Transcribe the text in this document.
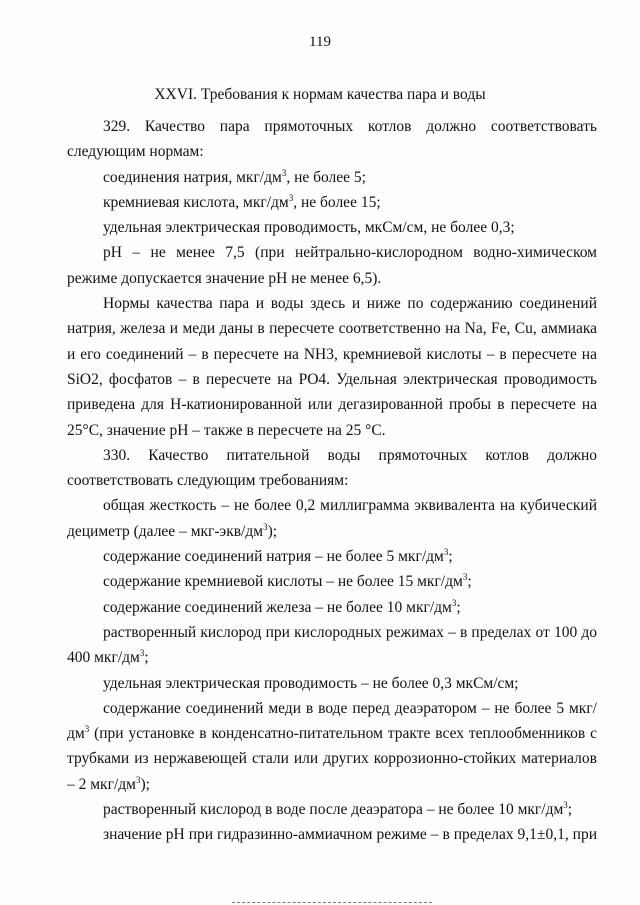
119
XXVI. Требования к нормам качества пара и воды

329. Качество пара прямоточных котлов должно соответствовать следующим нормам:

соединения натрия, мкг/$дм^3$, не более 5;

кремниевая кислота, мкг/$дм^3$, не более 15;

удельная электрическая проводимость, мкСм/см, не более 0,3;

pH – не менее 7,5 (при нейтрально-кислородном водно-химическом режиме допускается значение pH не менее 6,5).

Нормы качества пара и воды здесь и ниже по содержанию соединений натрия, железа и меди даны в пересчете соответственно на Na, Fe, Cu, аммиака и его соединений – в пересчете на NH3, кремниевой кислоты – в пересчете на SiO2, фосфатов – в пересчете на PO4. Удельная электрическая проводимость приведена для Н-катионированной или дегазированной пробы в пересчете на 25°С, значение pH – также в пересчете на 25 °С.

330. Качество питательной воды прямоточных котлов должно соответствовать следующим требованиям:

общая жесткость – не более 0,2 миллиграмма эквивалента на кубический дециметр (далее – мкг-$экв/дм^3$);

содержание соединений натрия – не более 5 мкг/$дм^3$;

содержание кремниевой кислоты – не более 15 мкг/$дм^3$;

содержание соединений железа – не более 10 мкг/$дм^3$;

растворенный кислород при кислородных режимах – в пределах от 100 до 400 мкг/$дм^3$;

удельная электрическая проводимость – не более 0,3 мкСм/см;

содержание соединений меди в воде перед деаэратором – не более 5 мкг/$дм^3$ (при установке в конденсатно-питательном тракте всех теплообменников с трубками из нержавеющей стали или других коррозионно-стойких материалов – 2 мкг/$дм^3$);

растворенный кислород в воде после деаэратора – не более 10 мкг/$дм^3$;

значение pH при гидразинно-аммиачном режиме – в пределах 9,1±0,1, при
